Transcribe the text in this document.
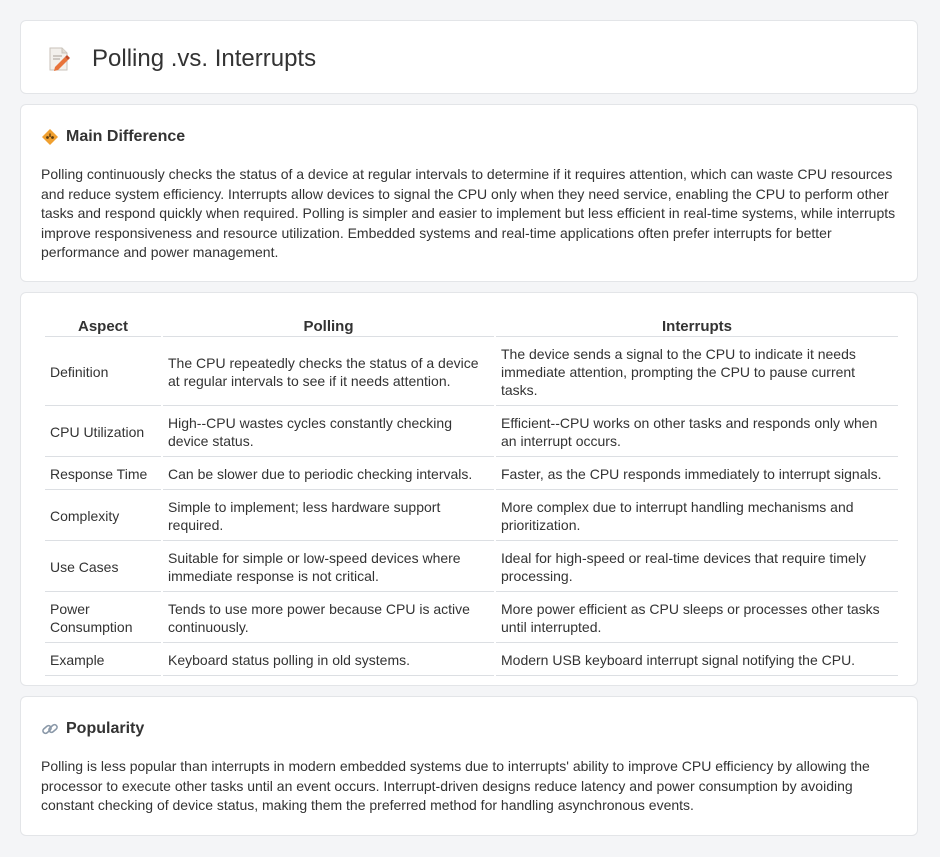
Polling .vs. Interrupts
Main Difference

Polling continuously checks the status of a device at regular intervals to determine if it requires attention, which can waste CPU resources and reduce system efficiency. Interrupts allow devices to signal the CPU only when they need service, enabling the CPU to perform other tasks and respond quickly when required. Polling is simpler and easier to implement but less efficient in real-time systems, while interrupts improve responsiveness and resource utilization. Embedded systems and real-time applications often prefer interrupts for better performance and power management.

Aspect	Polling	Interrupts
Definition	The CPU repeatedly checks the status of a device at regular intervals to see if it needs attention.	The device sends a signal to the CPU to indicate it needs immediate attention, prompting the CPU to pause current tasks.
CPU Utilization	High--CPU wastes cycles constantly checking device status.	Efficient--CPU works on other tasks and responds only when an interrupt occurs.
Response Time	Can be slower due to periodic checking intervals.	Faster, as the CPU responds immediately to interrupt signals.
Complexity	Simple to implement; less hardware support required.	More complex due to interrupt handling mechanisms and prioritization.
Use Cases	Suitable for simple or low-speed devices where immediate response is not critical.	Ideal for high-speed or real-time devices that require timely processing.
Power Consumption	Tends to use more power because CPU is active continuously.	More power efficient as CPU sleeps or processes other tasks until interrupted.
Example	Keyboard status polling in old systems.	Modern USB keyboard interrupt signal notifying the CPU.
Popularity

Polling is less popular than interrupts in modern embedded systems due to interrupts' ability to improve CPU efficiency by allowing the processor to execute other tasks until an event occurs. Interrupt-driven designs reduce latency and power consumption by avoiding constant checking of device status, making them the preferred method for handling asynchronous events.
